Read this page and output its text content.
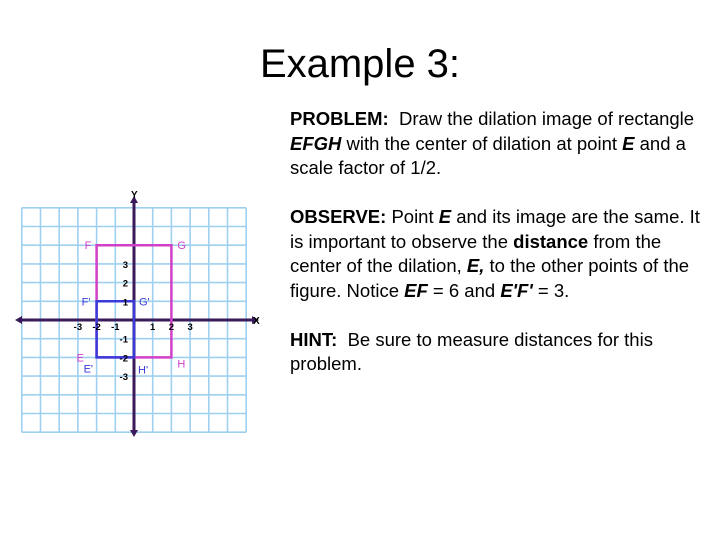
Example 3:
X
Y
-3 -2 -1	1 2 3
3
2
1
-1
-2
-3
E
F	G
H
E'
F'	G'
H'

PROBLEM: Draw the dilation image of rectangle EFGH with the center of dilation at point E and a scale factor of 1/2.

OBSERVE: Point E and its image are the same. It is important to observe the distance from the center of the dilation, E, to the other points of the figure. Notice EF = 6 and E'F' = 3.

HINT: Be sure to measure distances for this problem.
